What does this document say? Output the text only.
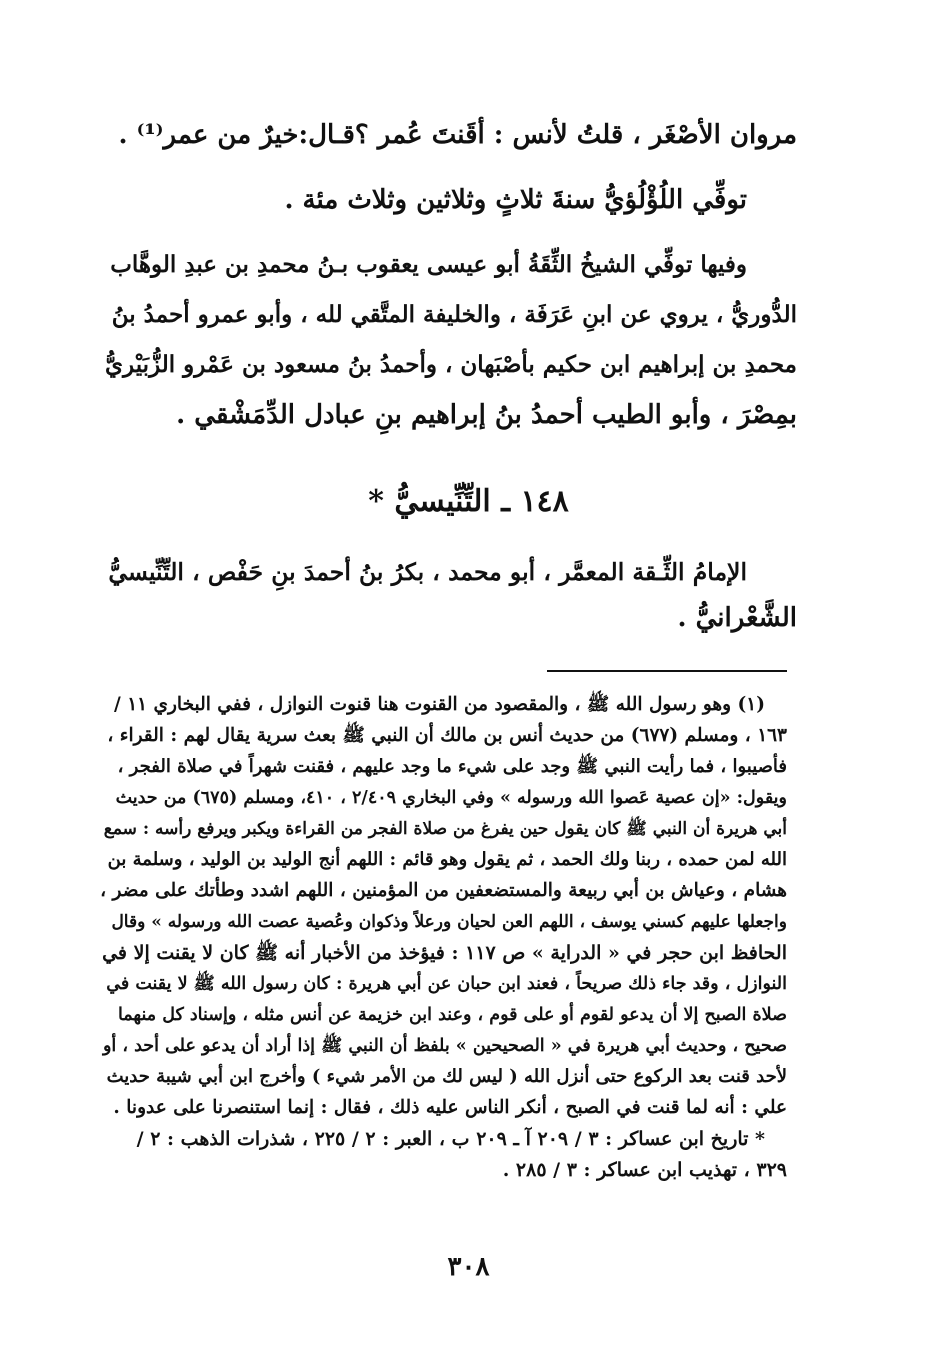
مروان الأصْغَر ، قلتُ لأنس : أقَنتَ عُمر ؟قـال:خيرٌ من عمر⁽¹⁾ .
توفِّي اللُؤْلُؤيُّ سنةَ ثلاثٍ وثلاثين وثلاث مئة .
وفيها توفِّي الشيخُ الثِّقَةُ أبو عيسى يعقوب بـنُ محمدِ بن عبدِ الوهَّاب
الدُّوريُّ ، يروي عن ابنِ عَرَفَة ، والخليفة المتَّقي لله ، وأبو عمرو أحمدُ بنُ
محمدِ بن إبراهيم ابن حكيم بأصْبَهان ، وأحمدُ بنُ مسعود بن عَمْرو الزُّبَيْريُّ
بمِصْرَ ، وأبو الطيب أحمدُ بنُ إبراهيم بنِ عبادل الدِّمَشْقي .
١٤٨ ـ التِّنِّيسيُّ *
الإمامُ الثِّـقة المعمَّر ، أبو محمد ، بكرُ بنُ أحمدَ بنِ حَفْص ، التِّنِّيسيُّ
الشَّعْرانيُّ .
(١) وهو رسول الله ﷺ ، والمقصود من القنوت هنا قنوت النوازل ، ففي البخاري ١١ /
١٦٣ ، ومسلم (٦٧٧) من حديث أنس بن مالك أن النبي ﷺ بعث سرية يقال لهم : القراء ،
فأصيبوا ، فما رأيت النبي ﷺ وجد على شيء ما وجد عليهم ، فقنت شهراً في صلاة الفجر ،
ويقول: «إن عصية عَصوا الله ورسوله » وفي البخاري ٢/٤٠٩ ، ٤١٠، ومسلم (٦٧٥) من حديث
أبي هريرة أن النبي ﷺ كان يقول حين يفرغ من صلاة الفجر من القراءة ويكبر ويرفع رأسه : سمع
الله لمن حمده ، ربنا ولك الحمد ، ثم يقول وهو قائم : اللهم أنج الوليد بن الوليد ، وسلمة بن
هشام ، وعياش بن أبي ربيعة والمستضعفين من المؤمنين ، اللهم اشدد وطأتك على مضر ،
واجعلها عليهم كسني يوسف ، اللهم العن لحيان ورعلاً وذكوان وعُصية عصت الله ورسوله » وقال
الحافظ ابن حجر في « الدراية » ص ١١٧ : فيؤخذ من الأخبار أنه ﷺ كان لا يقنت إلا في
النوازل ، وقد جاء ذلك صريحاً ، فعند ابن حبان عن أبي هريرة : كان رسول الله ﷺ لا يقنت في
صلاة الصبح إلا أن يدعو لقوم أو على قوم ، وعند ابن خزيمة عن أنس مثله ، وإسناد كل منهما
صحيح ، وحديث أبي هريرة في « الصحيحين » بلفظ أن النبي ﷺ إذا أراد أن يدعو على أحد ، أو
لأحد قنت بعد الركوع حتى أنزل الله ( ليس لك من الأمر شيء ) وأخرج ابن أبي شيبة حديث
علي : أنه لما قنت في الصبح ، أنكر الناس عليه ذلك ، فقال : إنما استنصرنا على عدونا .
* تاريخ ابن عساكر : ٣ / ٢٠٩ آ ـ ٢٠٩ ب ، العبر : ٢ / ٢٢٥ ، شذرات الذهب : ٢ /
٣٢٩ ، تهذيب ابن عساكر : ٣ / ٢٨٥ .
٣٠٨
